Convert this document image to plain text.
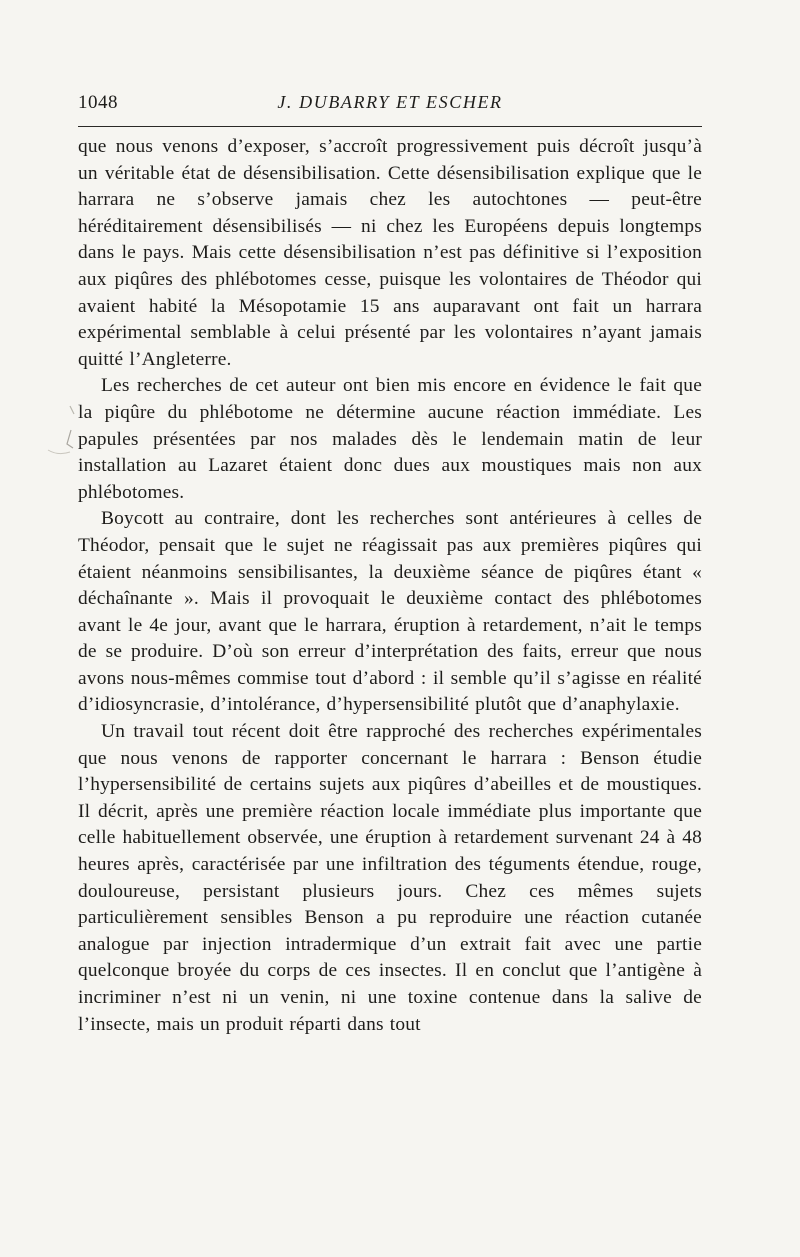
1048	J. DUBARRY ET ESCHER

que nous venons d’exposer, s’accroît progressivement puis décroît jusqu’à un véritable état de désensibilisation. Cette désensibilisation explique que le harrara ne s’observe jamais chez les autochtones — peut-être héréditairement désensibilisés — ni chez les Européens depuis longtemps dans le pays. Mais cette désensibilisation n’est pas définitive si l’exposition aux piqûres des phlébotomes cesse, puisque les volontaires de Théodor qui avaient habité la Mésopotamie 15 ans auparavant ont fait un harrara expérimental semblable à celui présenté par les volontaires n’ayant jamais quitté l’Angleterre.

Les recherches de cet auteur ont bien mis encore en évidence le fait que la piqûre du phlébotome ne détermine aucune réaction immédiate. Les papules présentées par nos malades dès le lendemain matin de leur installation au Lazaret étaient donc dues aux moustiques mais non aux phlébotomes.

Boycott au contraire, dont les recherches sont antérieures à celles de Théodor, pensait que le sujet ne réagissait pas aux premières piqûres qui étaient néanmoins sensibilisantes, la deuxième séance de piqûres étant « déchaînante ». Mais il provoquait le deuxième contact des phlébotomes avant le 4e jour, avant que le harrara, éruption à retardement, n’ait le temps de se produire. D’où son erreur d’interprétation des faits, erreur que nous avons nous-mêmes commise tout d’abord : il semble qu’il s’agisse en réalité d’idiosyncrasie, d’intolérance, d’hypersensibilité plutôt que d’anaphylaxie.

Un travail tout récent doit être rapproché des recherches expérimentales que nous venons de rapporter concernant le harrara : Benson étudie l’hypersensibilité de certains sujets aux piqûres d’abeilles et de moustiques. Il décrit, après une première réaction locale immédiate plus importante que celle habituellement observée, une éruption à retardement survenant 24 à 48 heures après, caractérisée par une infiltration des téguments étendue, rouge, douloureuse, persistant plusieurs jours. Chez ces mêmes sujets particulièrement sensibles Benson a pu reproduire une réaction cutanée analogue par injection intradermique d’un extrait fait avec une partie quelconque broyée du corps de ces insectes. Il en conclut que l’antigène à incriminer n’est ni un venin, ni une toxine contenue dans la salive de l’insecte, mais un produit réparti dans tout
